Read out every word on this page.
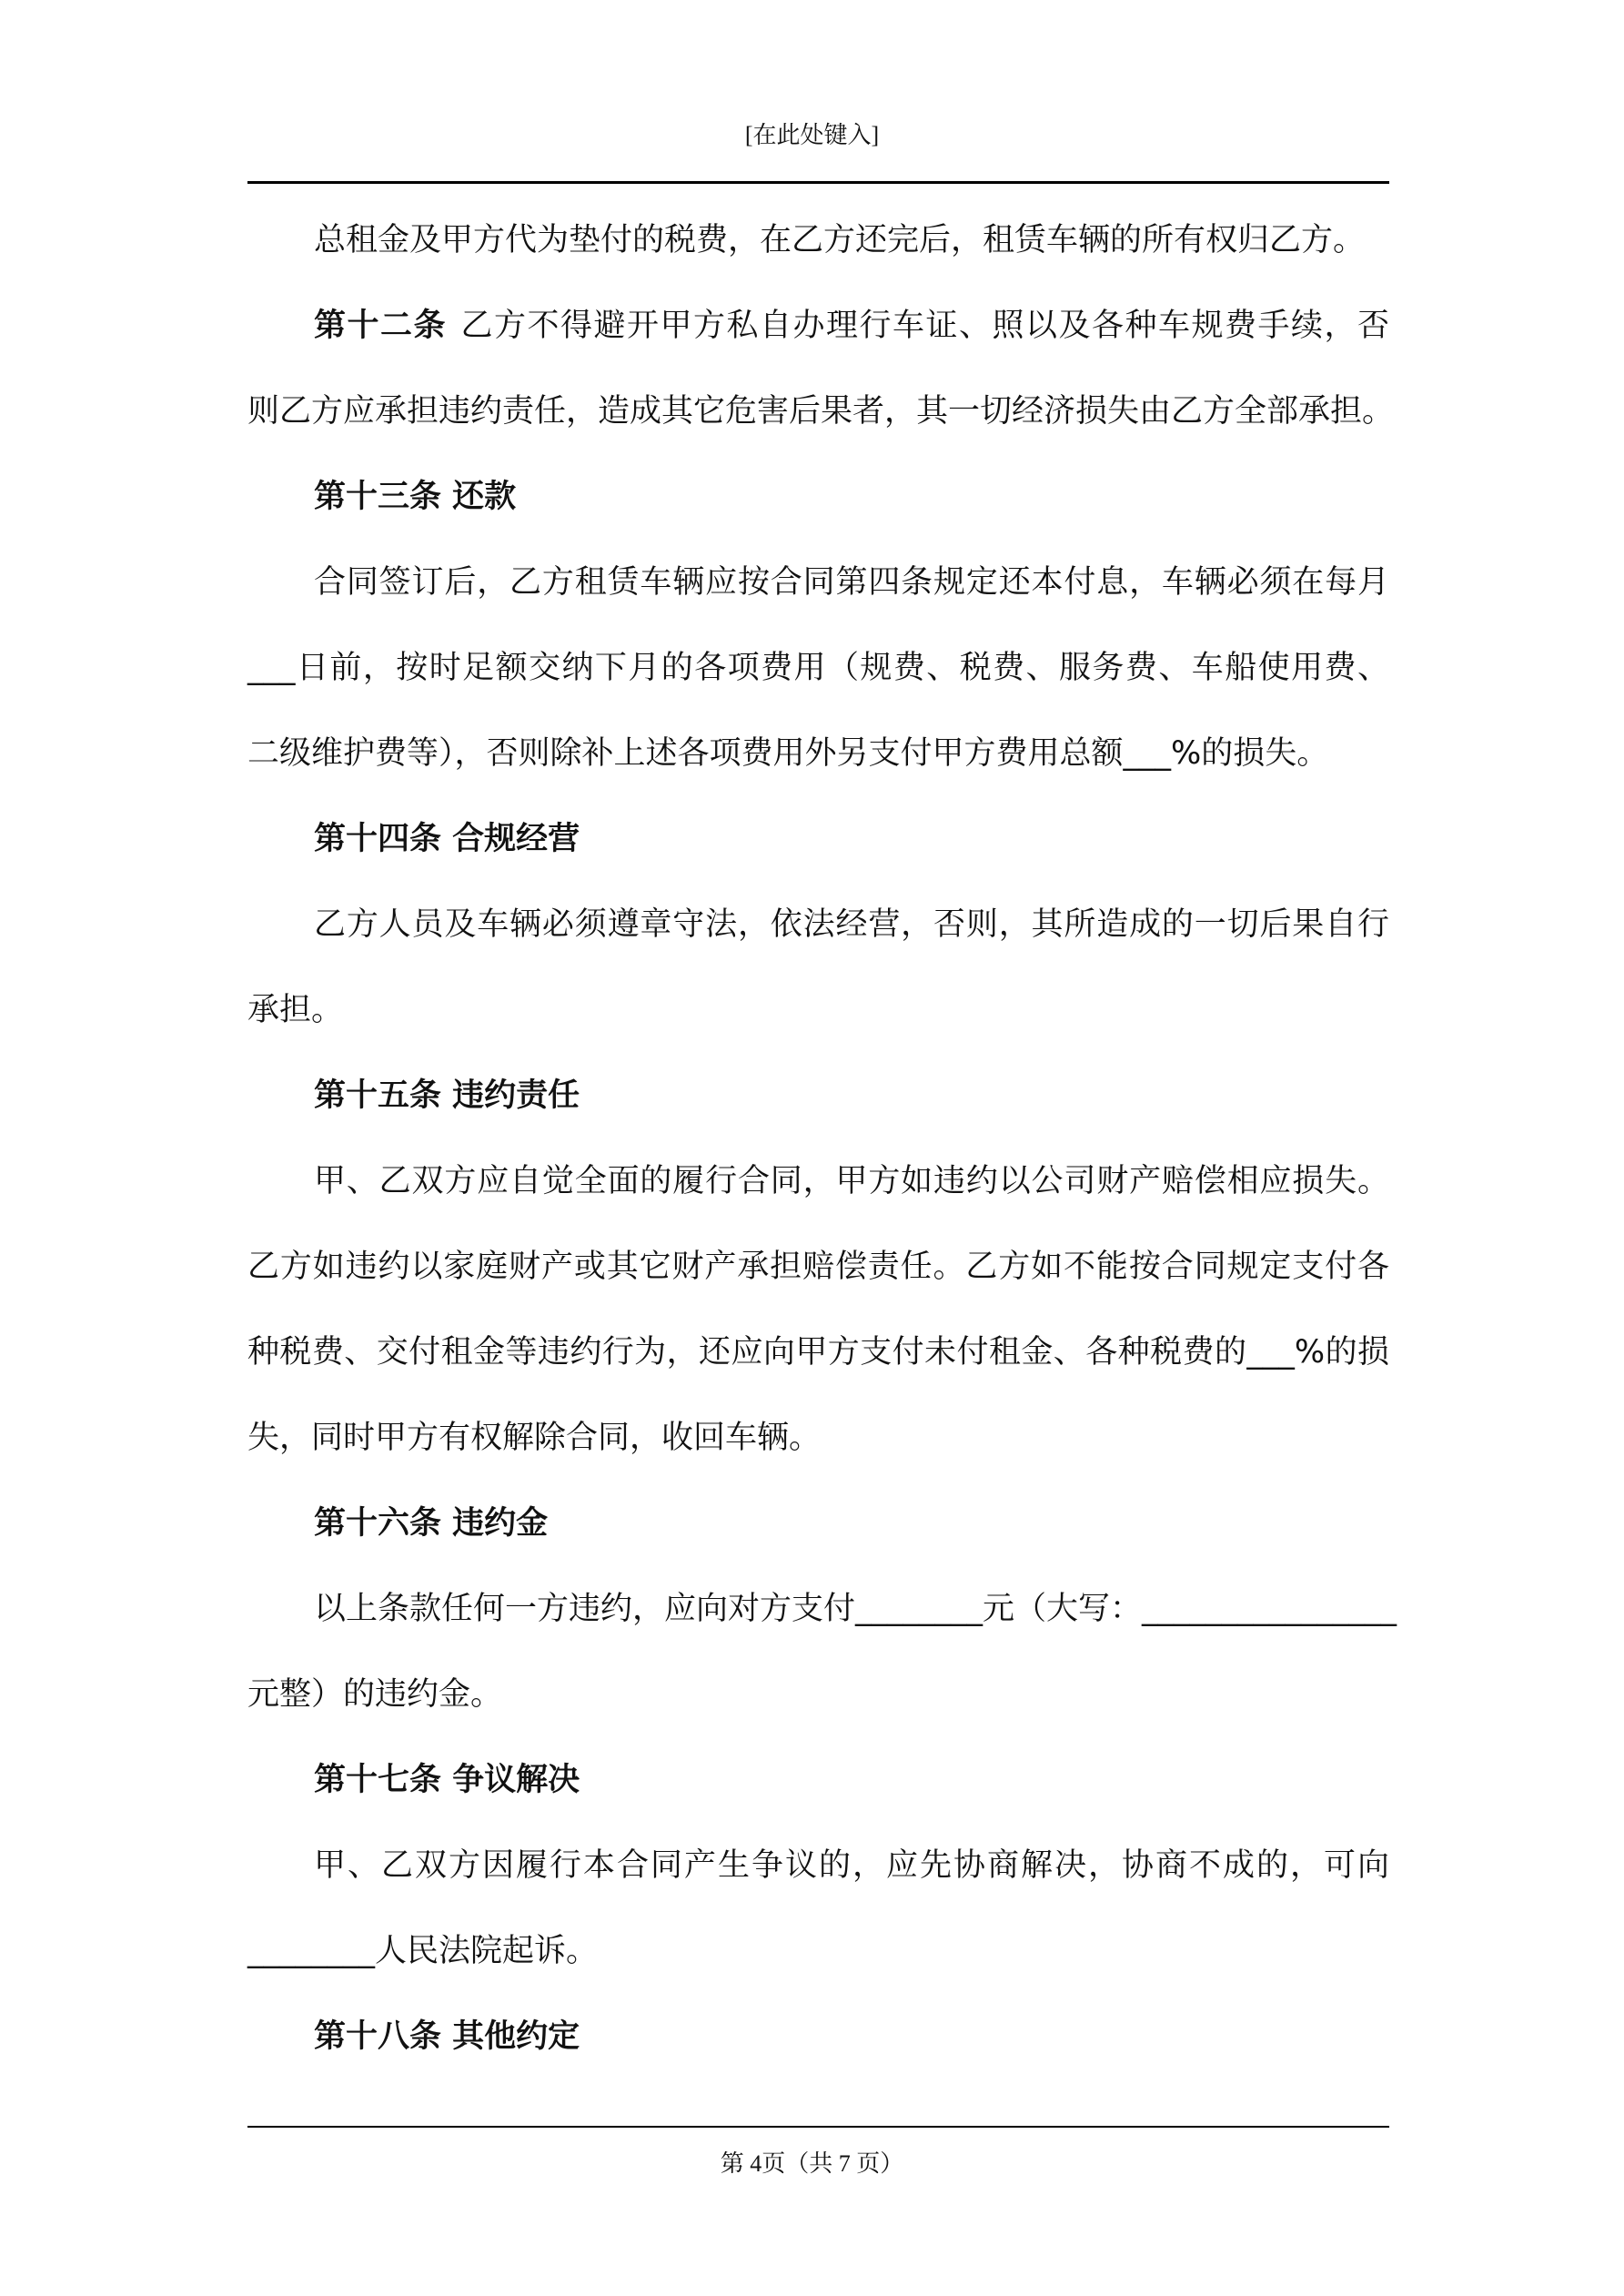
[在此处键入]
总租金及甲方代为垫付的税费，在乙方还完后，租赁车辆的所有权归乙方。
第十二条 乙方不得避开甲方私自办理行车证、照以及各种车规费手续，否
则乙方应承担违约责任，造成其它危害后果者，其一切经济损失由乙方全部承担。
第十三条 还款
合同签订后，乙方租赁车辆应按合同第四条规定还本付息，车辆必须在每月
___日前，按时足额交纳下月的各项费用（规费、税费、服务费、车船使用费、
二级维护费等），否则除补上述各项费用外另支付甲方费用总额___%的损失。
第十四条 合规经营
乙方人员及车辆必须遵章守法，依法经营，否则，其所造成的一切后果自行
承担。
第十五条 违约责任
甲、乙双方应自觉全面的履行合同，甲方如违约以公司财产赔偿相应损失。
乙方如违约以家庭财产或其它财产承担赔偿责任。乙方如不能按合同规定支付各
种税费、交付租金等违约行为，还应向甲方支付未付租金、各种税费的___%的损
失，同时甲方有权解除合同，收回车辆。
第十六条 违约金
以上条款任何一方违约，应向对方支付________元（大写：________________
元整）的违约金。
第十七条 争议解决
甲、乙双方因履行本合同产生争议的，应先协商解决，协商不成的，可向
________人民法院起诉。
第十八条 其他约定
第 4页（共 7 页）
